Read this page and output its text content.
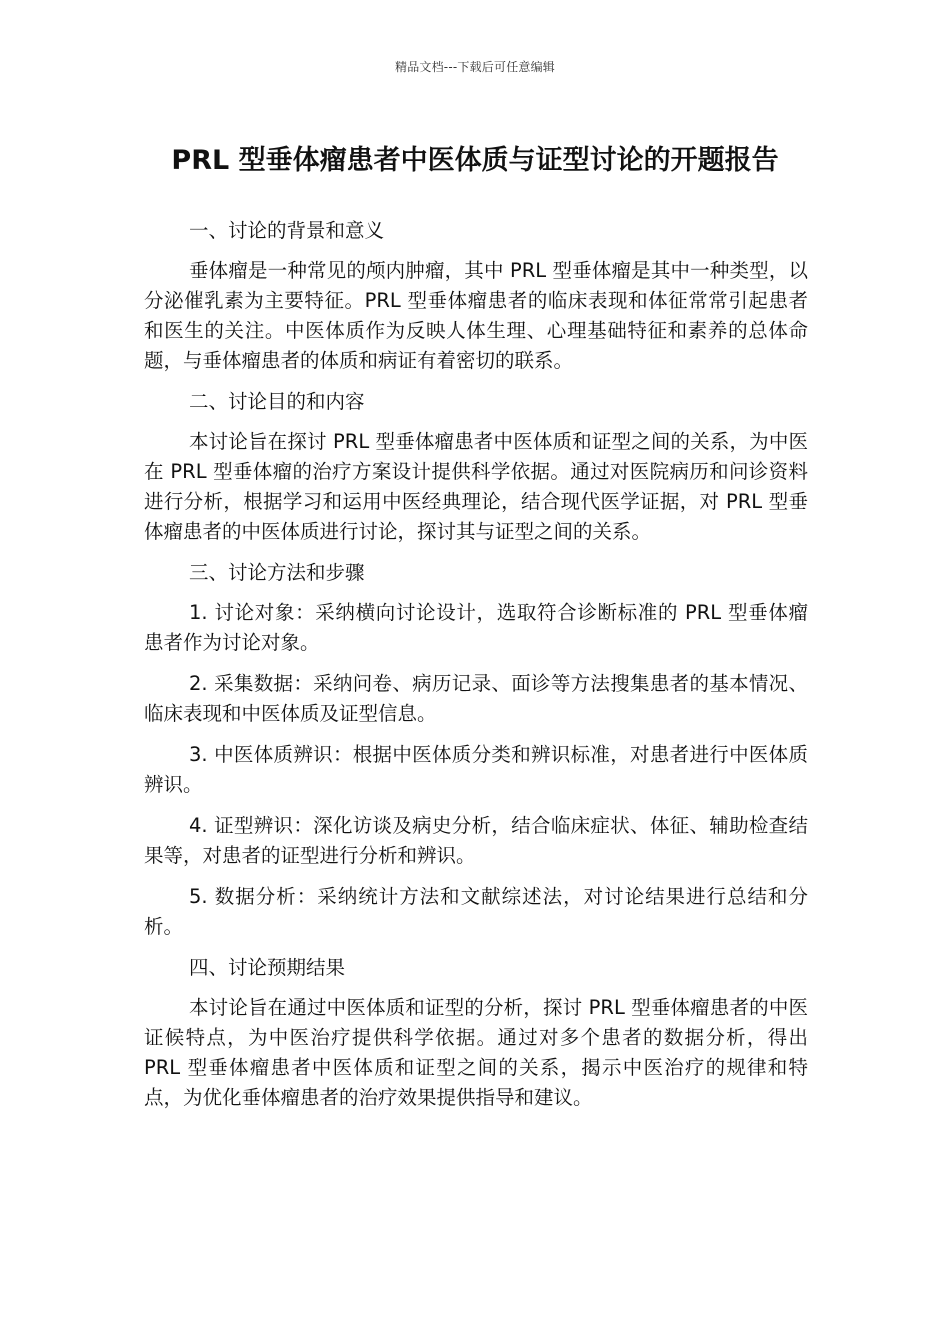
精品文档---下载后可任意编辑
PRL 型垂体瘤患者中医体质与证型讨论的开题报告

一、讨论的背景和意义

垂体瘤是一种常见的颅内肿瘤，其中 PRL 型垂体瘤是其中一种类型，以分泌催乳素为主要特征。PRL 型垂体瘤患者的临床表现和体征常常引起患者和医生的关注。中医体质作为反映人体生理、心理基础特征和素养的总体命题，与垂体瘤患者的体质和病证有着密切的联系。

二、讨论目的和内容

本讨论旨在探讨 PRL 型垂体瘤患者中医体质和证型之间的关系，为中医在 PRL 型垂体瘤的治疗方案设计提供科学依据。通过对医院病历和问诊资料进行分析，根据学习和运用中医经典理论，结合现代医学证据，对 PRL 型垂体瘤患者的中医体质进行讨论，探讨其与证型之间的关系。

三、讨论方法和步骤

1. 讨论对象：采纳横向讨论设计，选取符合诊断标准的 PRL 型垂体瘤患者作为讨论对象。

2. 采集数据：采纳问卷、病历记录、面诊等方法搜集患者的基本情况、临床表现和中医体质及证型信息。

3. 中医体质辨识：根据中医体质分类和辨识标准，对患者进行中医体质辨识。

4. 证型辨识：深化访谈及病史分析，结合临床症状、体征、辅助检查结果等，对患者的证型进行分析和辨识。

5. 数据分析：采纳统计方法和文献综述法，对讨论结果进行总结和分析。

四、讨论预期结果

本讨论旨在通过中医体质和证型的分析，探讨 PRL 型垂体瘤患者的中医证候特点，为中医治疗提供科学依据。通过对多个患者的数据分析，得出 PRL 型垂体瘤患者中医体质和证型之间的关系，揭示中医治疗的规律和特点，为优化垂体瘤患者的治疗效果提供指导和建议。
